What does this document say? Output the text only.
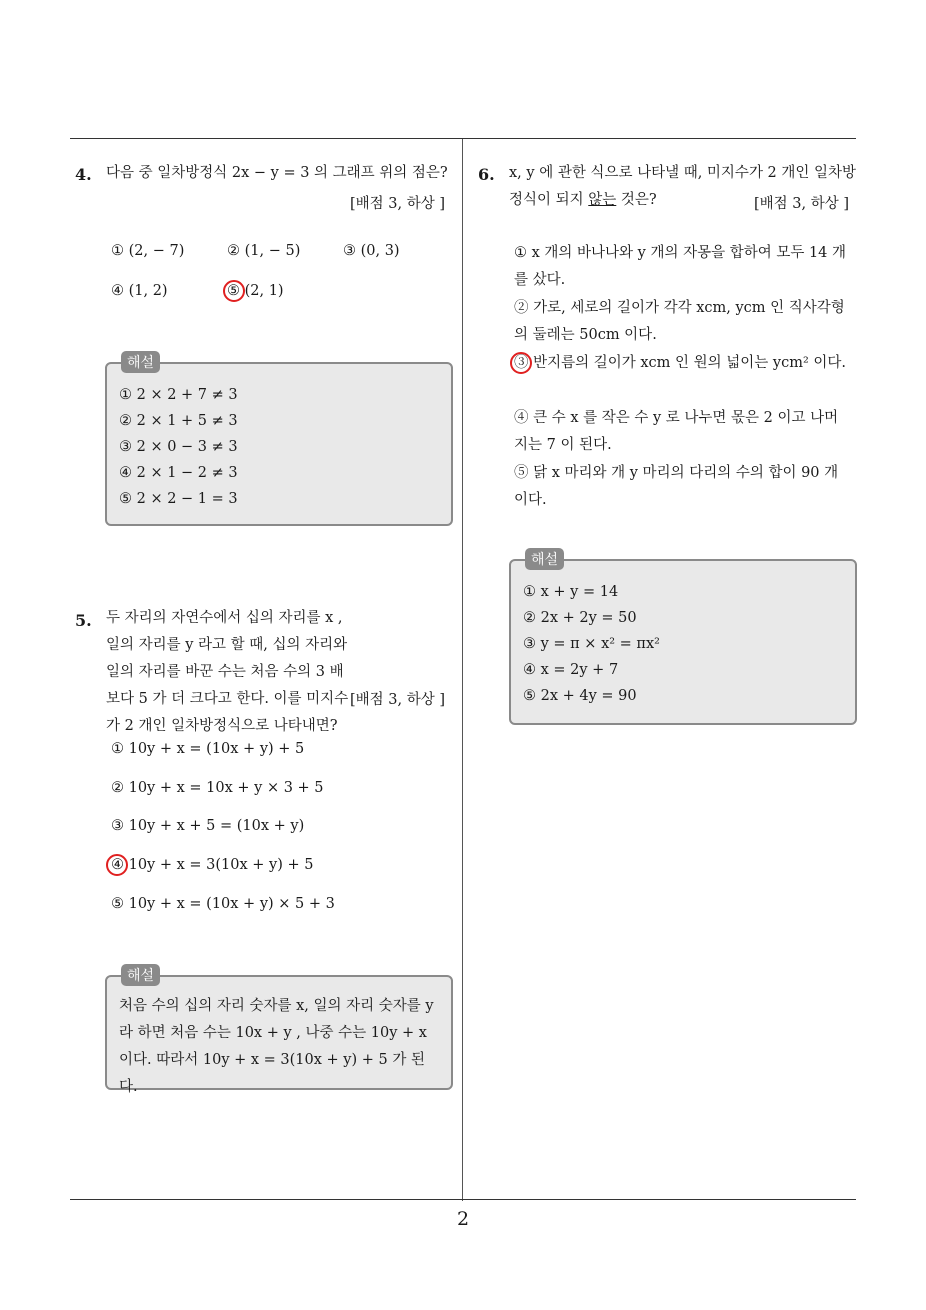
2
4. 다음 중 일차방정식 2x − y = 3 의 그래프 위의 점은?
[배점 3, 하상 ]
① (2, − 7)	② (1, − 5)	③ (0, 3)
④ (1, 2)	⑤ (2, 1)
해설
① 2 × 2 + 7 ≠ 3
② 2 × 1 + 5 ≠ 3
③ 2 × 0 − 3 ≠ 3
④ 2 × 1 − 2 ≠ 3
⑤ 2 × 2 − 1 = 3
5. 두 자리의 자연수에서 십의 자리를 x , 일의 자리를 y 라고 할 때, 십의 자리와 일의 자리를 바꾼 수는 처음 수의 3 배보다 5 가 더 크다고 한다. 이를 미지수가 2 개인 일차방정식으로 나타내면?
[배점 3, 하상 ]
① 10y + x = (10x + y) + 5
② 10y + x = 10x + y × 3 + 5
③ 10y + x + 5 = (10x + y)
④ 10y + x = 3(10x + y) + 5
⑤ 10y + x = (10x + y) × 5 + 3
해설
처음 수의 십의 자리 숫자를 x, 일의 자리 숫자를 y 라 하면 처음 수는 10x + y , 나중 수는 10y + x 이다. 따라서 10y + x = 3(10x + y) + 5 가 된다.
6. x, y 에 관한 식으로 나타낼 때, 미지수가 2 개인 일차방정식이 되지 않는 것은?	[배점 3, 하상 ]
① x 개의 바나나와 y 개의 자몽을 합하여 모두 14 개를 샀다.
② 가로, 세로의 길이가 각각 xcm, ycm 인 직사각형의 둘레는 50cm 이다.
③ 반지름의 길이가 xcm 인 원의 넓이는 ycm² 이다.
④ 큰 수 x 를 작은 수 y 로 나누면 몫은 2 이고 나머지는 7 이 된다.
⑤ 닭 x 마리와 개 y 마리의 다리의 수의 합이 90 개 이다.
해설
① x + y = 14
② 2x + 2y = 50
③ y = π × x² = πx²
④ x = 2y + 7
⑤ 2x + 4y = 90
